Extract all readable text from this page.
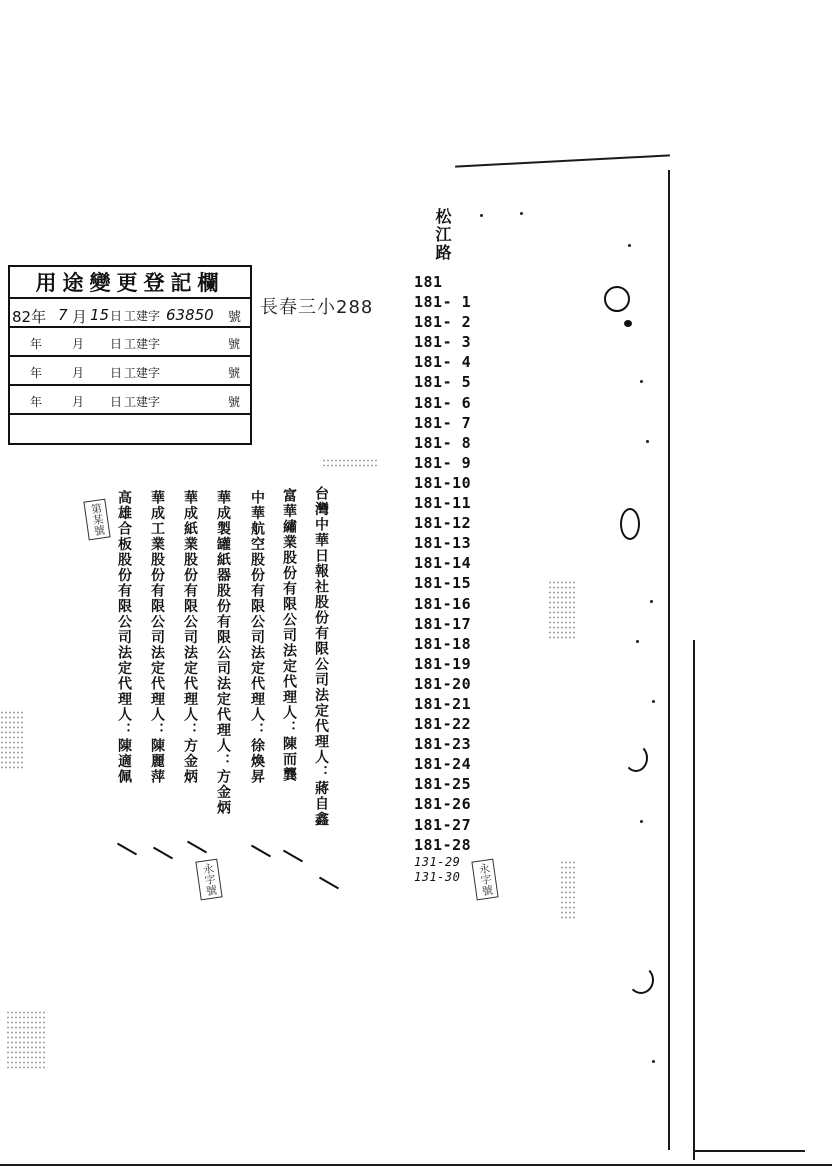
用途變更登記欄
82年 7 月 15 日 工建字 63850 號
年 月 日 工建字	號
年 月 日 工建字	號
年 月 日 工建字	號
長春三小288
松江路
181
181- 1
181- 2
181- 3
181- 4
181- 5
181- 6
181- 7
181- 8
181- 9
181-10
181-11
181-12
181-13
181-14
181-15
181-16
181-17
181-18
181-19
181-20
181-21
181-22
181-23
181-24
181-25
181-26
181-27
181-28
131-29
131-30
台灣中華日報社股份有限公司法定代理人：蔣自鑫
富華繡業股份有限公司法定代理人：陳而龔
中華航空股份有限公司法定代理人：徐煥昇
華成製罐紙器股份有限公司法定代理人：方金炳
華成紙業股份有限公司法定代理人：方金炳
華成工業股份有限公司法定代理人：陳麗萍
高雄合板股份有限公司法定代理人：陳適佩
第某號
永字號	永字號
